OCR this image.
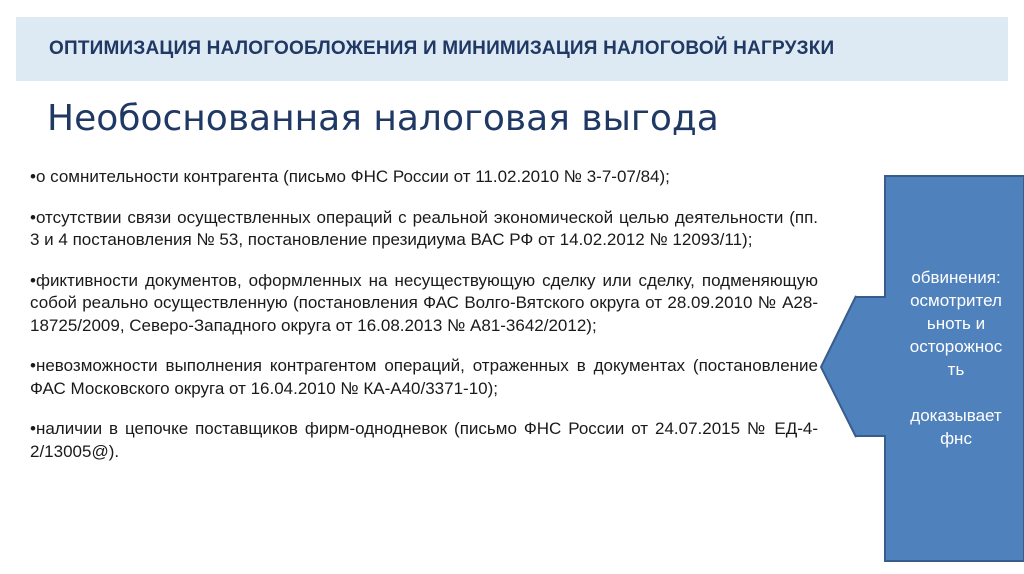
ОПТИМИЗАЦИЯ НАЛОГООБЛОЖЕНИЯ И МИНИМИЗАЦИЯ НАЛОГОВОЙ НАГРУЗКИ
Необоснованная налоговая выгода

•о сомнительности контрагента (письмо ФНС России от 11.02.2010 № 3-7-07/84);

•отсутствии связи осуществленных операций с реальной экономической целью деятельности (пп. 3 и 4 постановления № 53, постановление президиума ВАС РФ от 14.02.2012 № 12093/11);

•фиктивности документов, оформленных на несуществующую сделку или сделку, подменяющую собой реально осуществленную (постановления ФАС Волго-Вятского округа от 28.09.2010 № А28-18725/2009, Северо-Западного округа от 16.08.2013 № А81-3642/2012);

•невозможности выполнения контрагентом операций, отраженных в документах (постановление ФАС Московского округа от 16.04.2010 № КА-А40/3371-10);

•наличии в цепочке поставщиков фирм-однодневок (письмо ФНС России от 24.07.2015 № ЕД-4-2/13005@).

обвинения:
осмотрител
ьноть и
осторожнос
ть
доказывает
фнс
